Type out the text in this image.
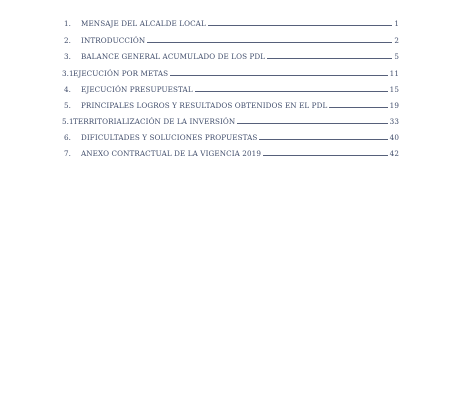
1.	MENSAJE DEL ALCALDE LOCAL	1
2.	INTRODUCCIÓN	2
3.	BALANCE GENERAL ACUMULADO DE LOS PDL	5
3.1 EJECUCIÓN POR METAS	11
4.	EJECUCIÓN PRESUPUESTAL	15
5.	PRINCIPALES LOGROS Y RESULTADOS OBTENIDOS EN EL PDL	19
5.1 TERRITORIALIZACIÓN DE LA INVERSIÓN	33
6.	DIFICULTADES Y SOLUCIONES PROPUESTAS	40
7.	ANEXO CONTRACTUAL DE LA VIGENCIA 2019	42
